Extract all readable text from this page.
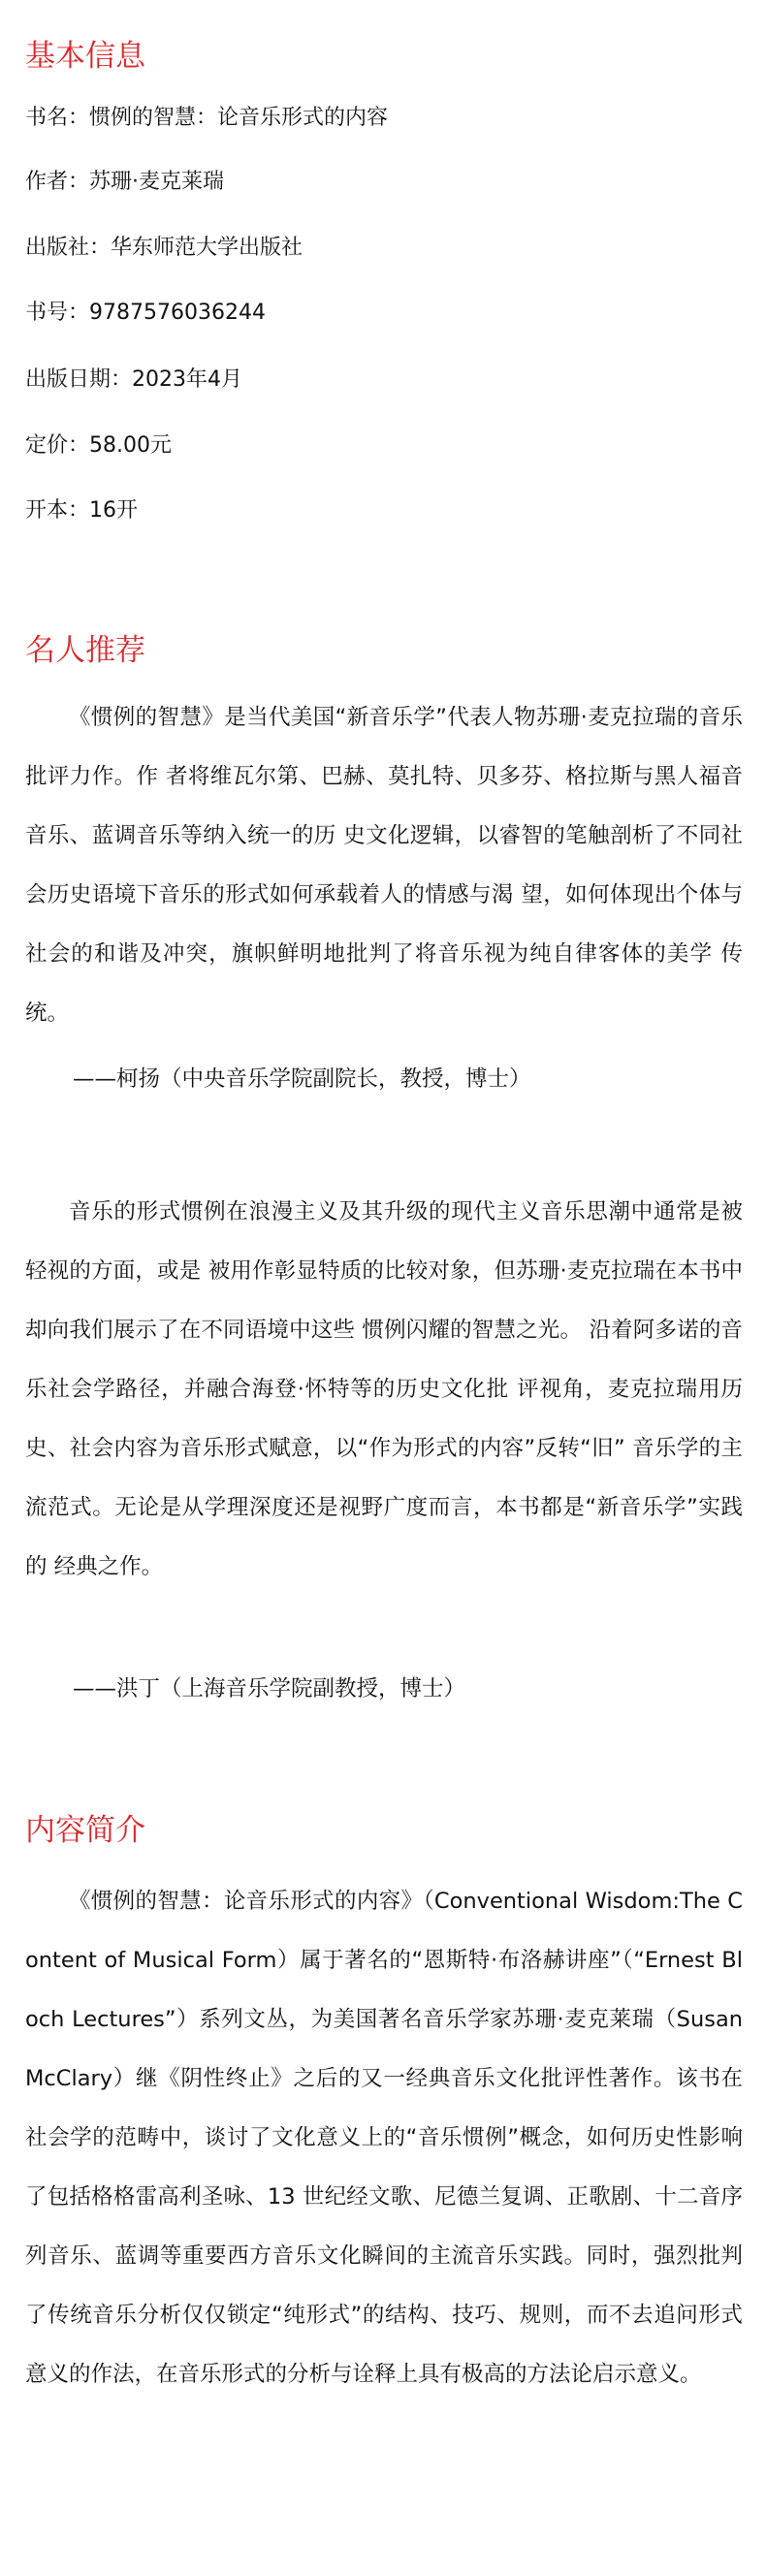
基本信息

书名：惯例的智慧：论音乐形式的内容

作者：苏珊·麦克莱瑞

出版社：华东师范大学出版社

书号：9787576036244

出版日期：2023年4月

定价：58.00元

开本：16开

名人推荐

《惯例的智慧》是当代美国“新音乐学”代表人物苏珊·麦克拉瑞的音乐批评力作。作 者将维瓦尔第、巴赫、莫扎特、贝多芬、格拉斯与黑人福音音乐、蓝调音乐等纳入统一的历 史文化逻辑，以睿智的笔触剖析了不同社会历史语境下音乐的形式如何承载着人的情感与渴 望，如何体现出个体与社会的和谐及冲突，旗帜鲜明地批判了将音乐视为纯自律客体的美学 传统。

——柯扬（中央音乐学院副院长，教授，博士）

音乐的形式惯例在浪漫主义及其升级的现代主义音乐思潮中通常是被轻视的方面，或是 被用作彰显特质的比较对象，但苏珊·麦克拉瑞在本书中却向我们展示了在不同语境中这些 惯例闪耀的智慧之光。 沿着阿多诺的音乐社会学路径，并融合海登·怀特等的历史文化批 评视角，麦克拉瑞用历史、社会内容为音乐形式赋意，以“作为形式的内容”反转“旧” 音乐学的主流范式。无论是从学理深度还是视野广度而言，本书都是“新音乐学”实践的 经典之作。

——洪丁（上海音乐学院副教授，博士）

内容简介

《惯例的智慧：论音乐形式的内容》（Conventional Wisdom:The Content of Musical Form）属于著名的“恩斯特·布洛赫讲座”（“Ernest Bloch Lectures”）系列文丛，为美国著名音乐学家苏珊·麦克莱瑞（Susan McClary）继《阴性终止》之后的又一经典音乐文化批评性著作。该书在社会学的范畴中，谈讨了文化意义上的“音乐惯例”概念，如何历史性影响了包括格格雷高利圣咏、13 世纪经文歌、尼德兰复调、正歌剧、十二音序列音乐、蓝调等重要西方音乐文化瞬间的主流音乐实践。同时，强烈批判了传统音乐分析仅仅锁定“纯形式”的结构、技巧、规则，而不去追问形式意义的作法，在音乐形式的分析与诠释上具有极高的方法论启示意义。
